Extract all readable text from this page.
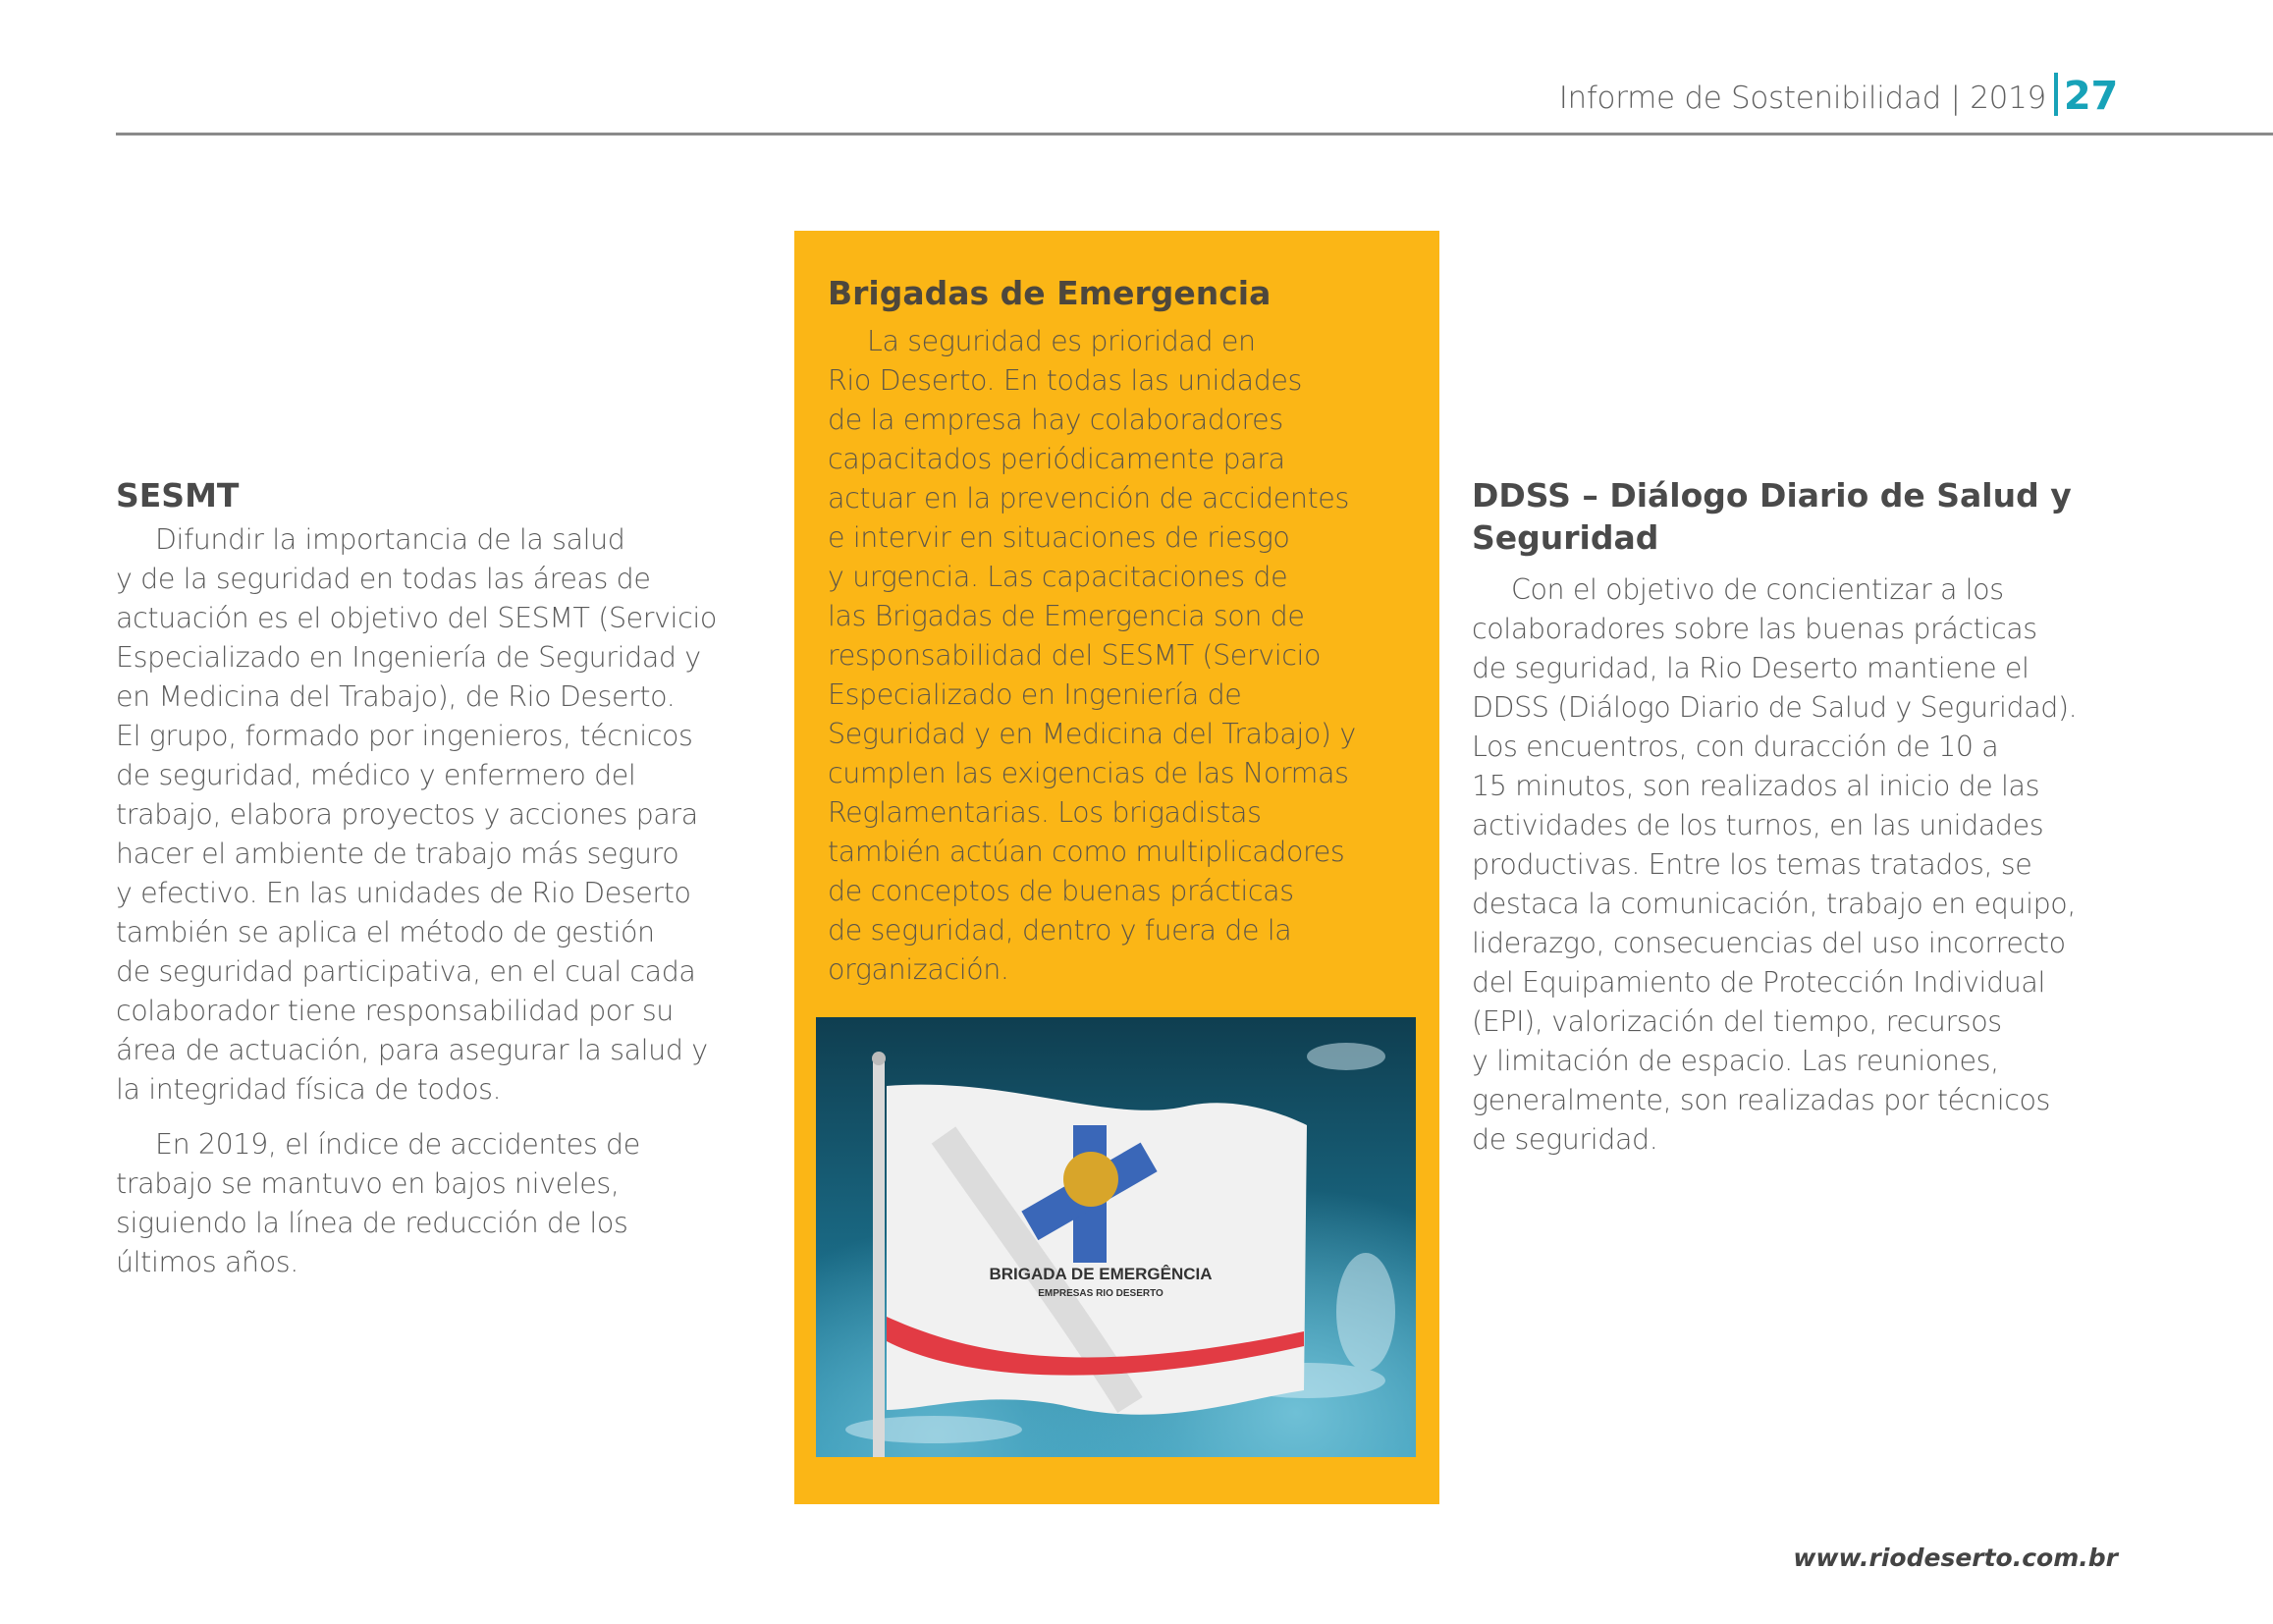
Informe de Sostenibilidad | 2019 27
SESMT

Difundir la importancia de la salud
y de la seguridad en todas las áreas de
actuación es el objetivo del SESMT (Servicio
Especializado en Ingeniería de Seguridad y
en Medicina del Trabajo), de Rio Deserto.
El grupo, formado por ingenieros, técnicos
de seguridad, médico y enfermero del
trabajo, elabora proyectos y acciones para
hacer el ambiente de trabajo más seguro
y efectivo. En las unidades de Rio Deserto
también se aplica el método de gestión
de seguridad participativa, en el cual cada
colaborador tiene responsabilidad por su
área de actuación, para asegurar la salud y
la integridad física de todos.

En 2019, el índice de accidentes de
trabajo se mantuvo en bajos niveles,
siguiendo la línea de reducción de los
últimos años.

Brigadas de Emergencia

La seguridad es prioridad en
Rio Deserto. En todas las unidades
de la empresa hay colaboradores
capacitados periódicamente para
actuar en la prevención de accidentes
e intervir en situaciones de riesgo
y urgencia. Las capacitaciones de
las Brigadas de Emergencia son de
responsabilidad del SESMT (Servicio
Especializado en Ingeniería de
Seguridad y en Medicina del Trabajo) y
cumplen las exigencias de las Normas
Reglamentarias. Los brigadistas
también actúan como multiplicadores
de conceptos de buenas prácticas
de seguridad, dentro y fuera de la
organización.

BRIGADA DE EMERGÊNCIA
EMPRESAS RIO DESERTO
DDSS – Diálogo Diario de Salud y
Seguridad

Con el objetivo de concientizar a los
colaboradores sobre las buenas prácticas
de seguridad, la Rio Deserto mantiene el
DDSS (Diálogo Diario de Salud y Seguridad).
Los encuentros, con duracción de 10 a
15 minutos, son realizados al inicio de las
actividades de los turnos, en las unidades
productivas. Entre los temas tratados, se
destaca la comunicación, trabajo en equipo,
liderazgo, consecuencias del uso incorrecto
del Equipamiento de Protección Individual
(EPI), valorización del tiempo, recursos
y limitación de espacio. Las reuniones,
generalmente, son realizadas por técnicos
de seguridad.

www.riodeserto.com.br
